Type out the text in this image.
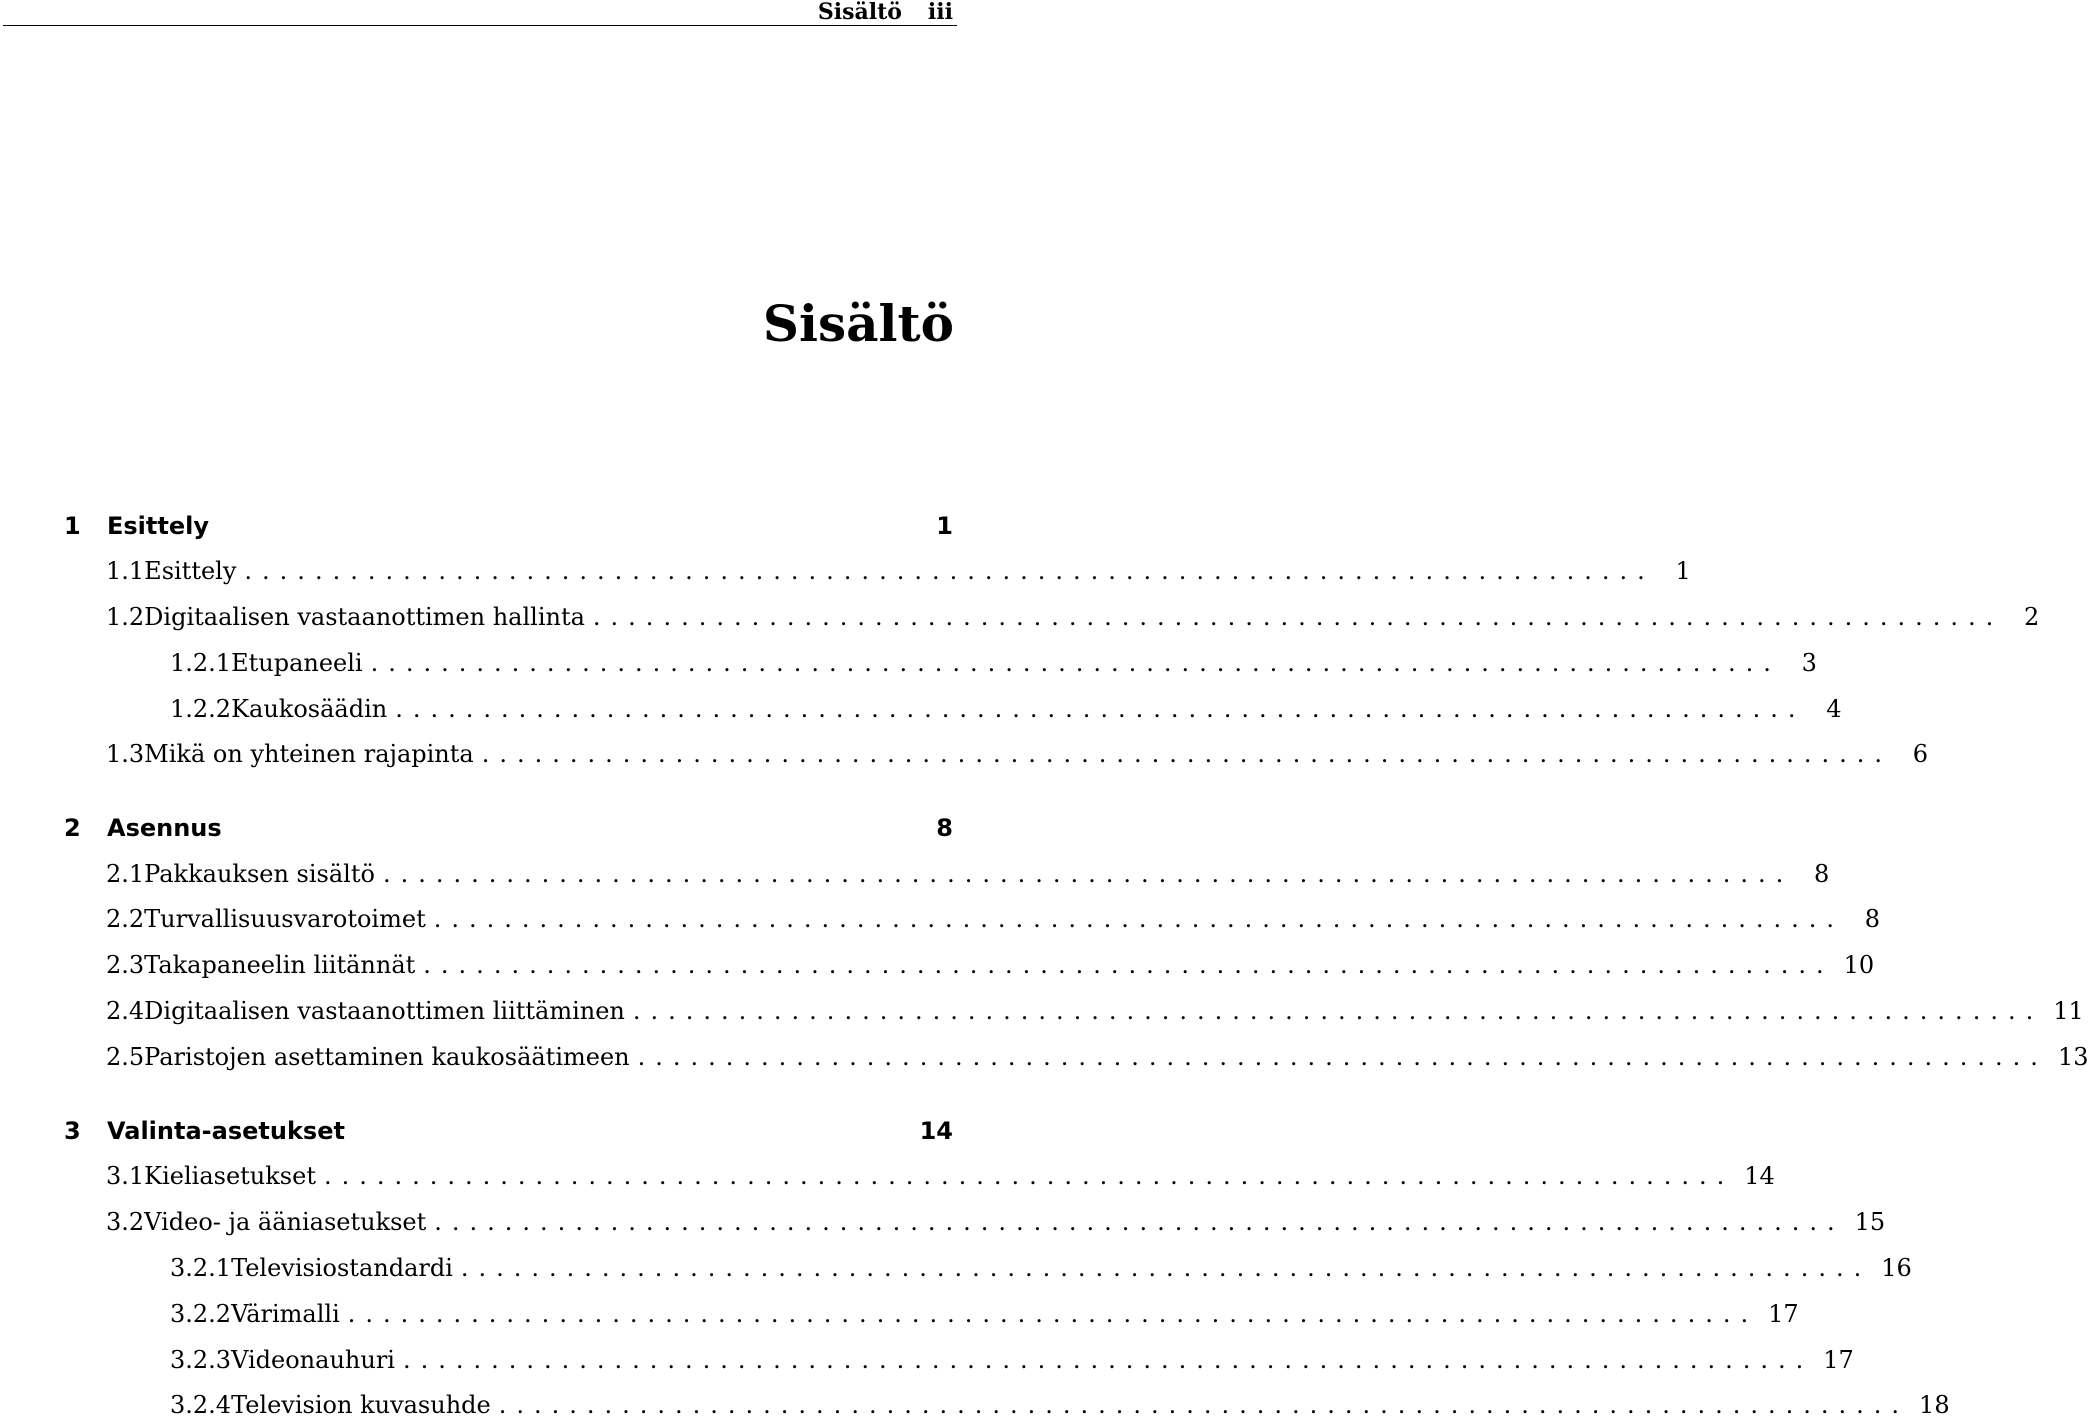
Sisältö iii
Sisältö
1	Esittely	1
1.1 Esittely ................................................................................ 1
1.2 Digitaalisen vastaanottimen hallinta ................................................................................ 2
1.2.1 Etupaneeli ................................................................................ 3
1.2.2 Kaukosäädin ................................................................................ 4
1.3 Mikä on yhteinen rajapinta ................................................................................ 6
2	Asennus	8
2.1 Pakkauksen sisältö ................................................................................ 8
2.2 Turvallisuusvarotoimet ................................................................................ 8
2.3 Takapaneelin liitännät ................................................................................ 10
2.4 Digitaalisen vastaanottimen liittäminen ................................................................................ 11
2.5 Paristojen asettaminen kaukosäätimeen ................................................................................ 13
3	Valinta-asetukset	14
3.1 Kieliasetukset ................................................................................ 14
3.2 Video- ja ääniasetukset ................................................................................ 15
3.2.1 Televisiostandardi ................................................................................ 16
3.2.2 Värimalli ................................................................................ 17
3.2.3 Videonauhuri ................................................................................ 17
3.2.4 Television kuvasuhde ................................................................................ 18
